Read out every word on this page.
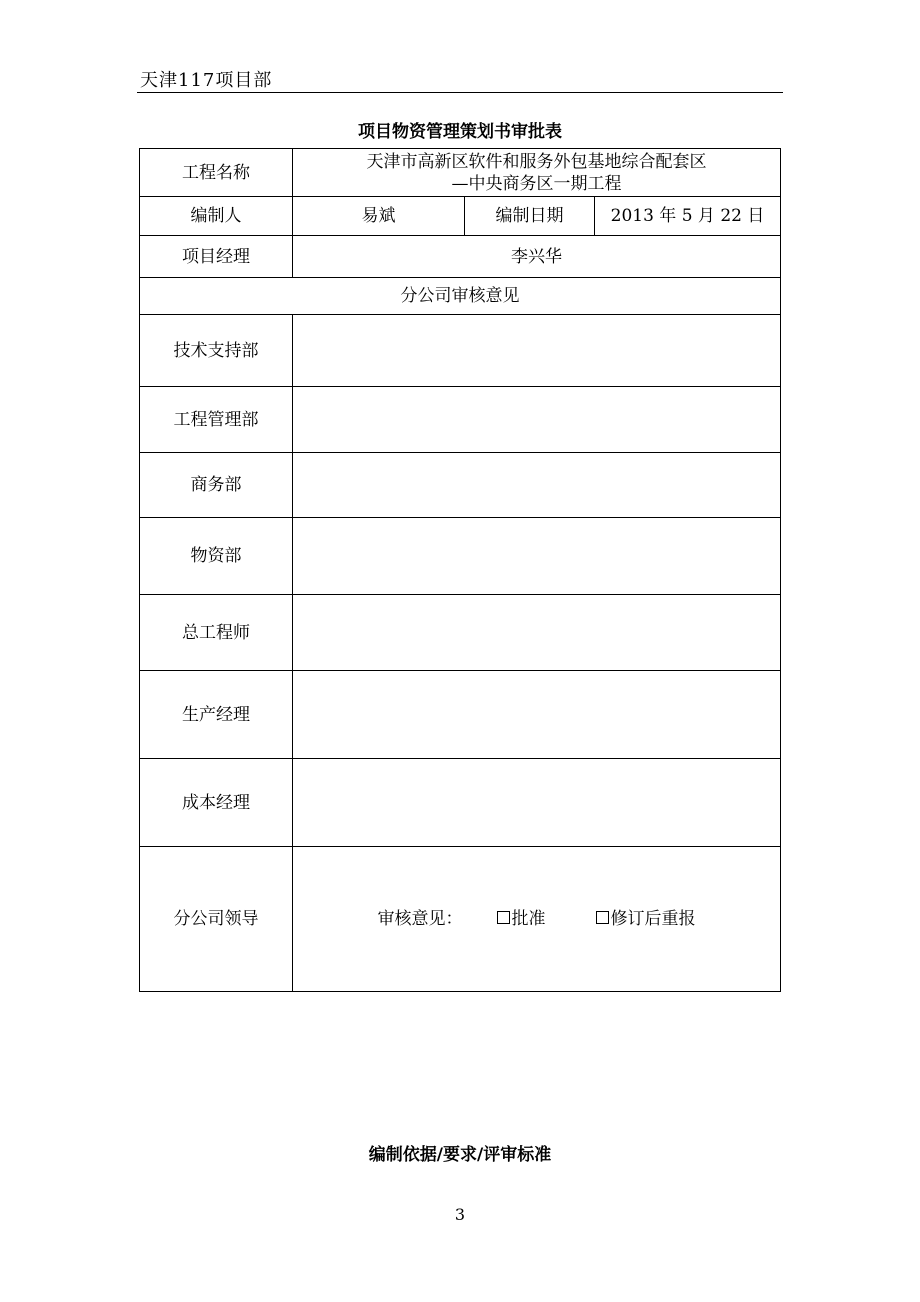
天津117项目部
项目物资管理策划书审批表
工程名称	天津市高新区软件和服务外包基地综合配套区
—中央商务区一期工程		

编制人	易斌	编制日期	2013 年 5 月 22 日
项目经理	李兴华		
分公司审核意见			
技术支持部			
工程管理部			
商务部			
物资部			
总工程师			
生产经理			
成本经理			
分公司领导	审核意见： 批准 修订后重报		
编制依据/要求/评审标准
3
